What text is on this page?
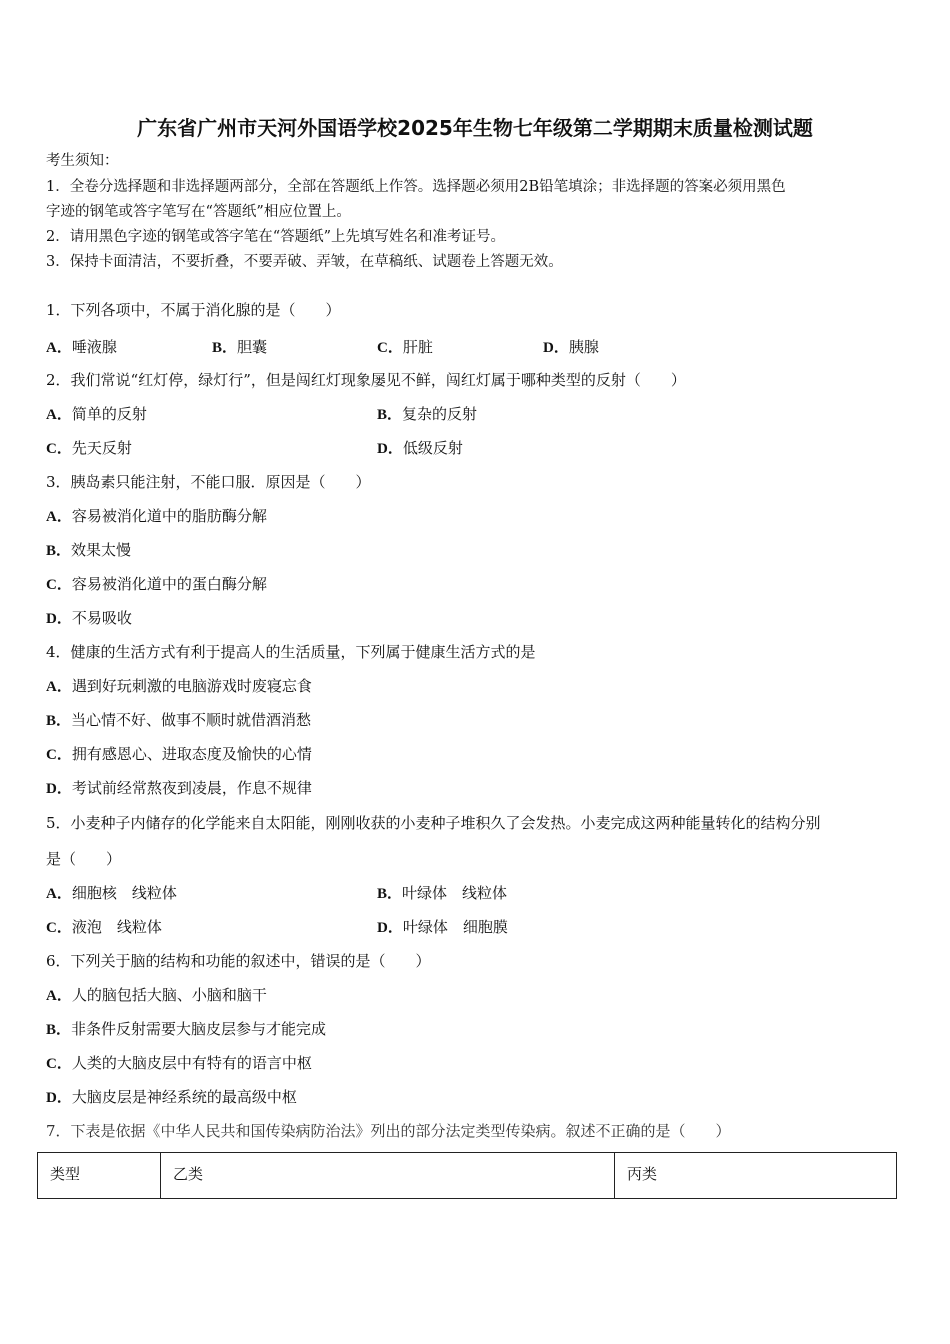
广东省广州市天河外国语学校2025年生物七年级第二学期期末质量检测试题
考生须知：
1．全卷分选择题和非选择题两部分，全部在答题纸上作答。选择题必须用2B铅笔填涂；非选择题的答案必须用黑色
字迹的钢笔或答字笔写在“答题纸”相应位置上。
2．请用黑色字迹的钢笔或答字笔在“答题纸”上先填写姓名和准考证号。
3．保持卡面清洁，不要折叠，不要弄破、弄皱，在草稿纸、试题卷上答题无效。
1．下列各项中，不属于消化腺的是（　　）
A．唾液腺	B．胆囊	C．肝脏	D．胰腺
2．我们常说“红灯停，绿灯行”，但是闯红灯现象屡见不鲜，闯红灯属于哪种类型的反射（　　）
A．简单的反射	B．复杂的反射
C．先天反射	D．低级反射
3．胰岛素只能注射，不能口服．原因是（　　）
A．容易被消化道中的脂肪酶分解
B．效果太慢
C．容易被消化道中的蛋白酶分解
D．不易吸收
4．健康的生活方式有利于提高人的生活质量，下列属于健康生活方式的是
A．遇到好玩刺激的电脑游戏时废寝忘食
B．当心情不好、做事不顺时就借酒消愁
C．拥有感恩心、进取态度及愉快的心情
D．考试前经常熬夜到凌晨，作息不规律
5．小麦种子内储存的化学能来自太阳能，刚刚收获的小麦种子堆积久了会发热。小麦完成这两种能量转化的结构分别
是（　　）
A．细胞核　线粒体	B．叶绿体　线粒体
C．液泡　线粒体	D．叶绿体　细胞膜
6．下列关于脑的结构和功能的叙述中，错误的是（　　）
A．人的脑包括大脑、小脑和脑干
B．非条件反射需要大脑皮层参与才能完成
C．人类的大脑皮层中有特有的语言中枢
D．大脑皮层是神经系统的最高级中枢
7．下表是依据《中华人民共和国传染病防治法》列出的部分法定类型传染病。叙述不正确的是（　　）
类型	乙类	丙类
